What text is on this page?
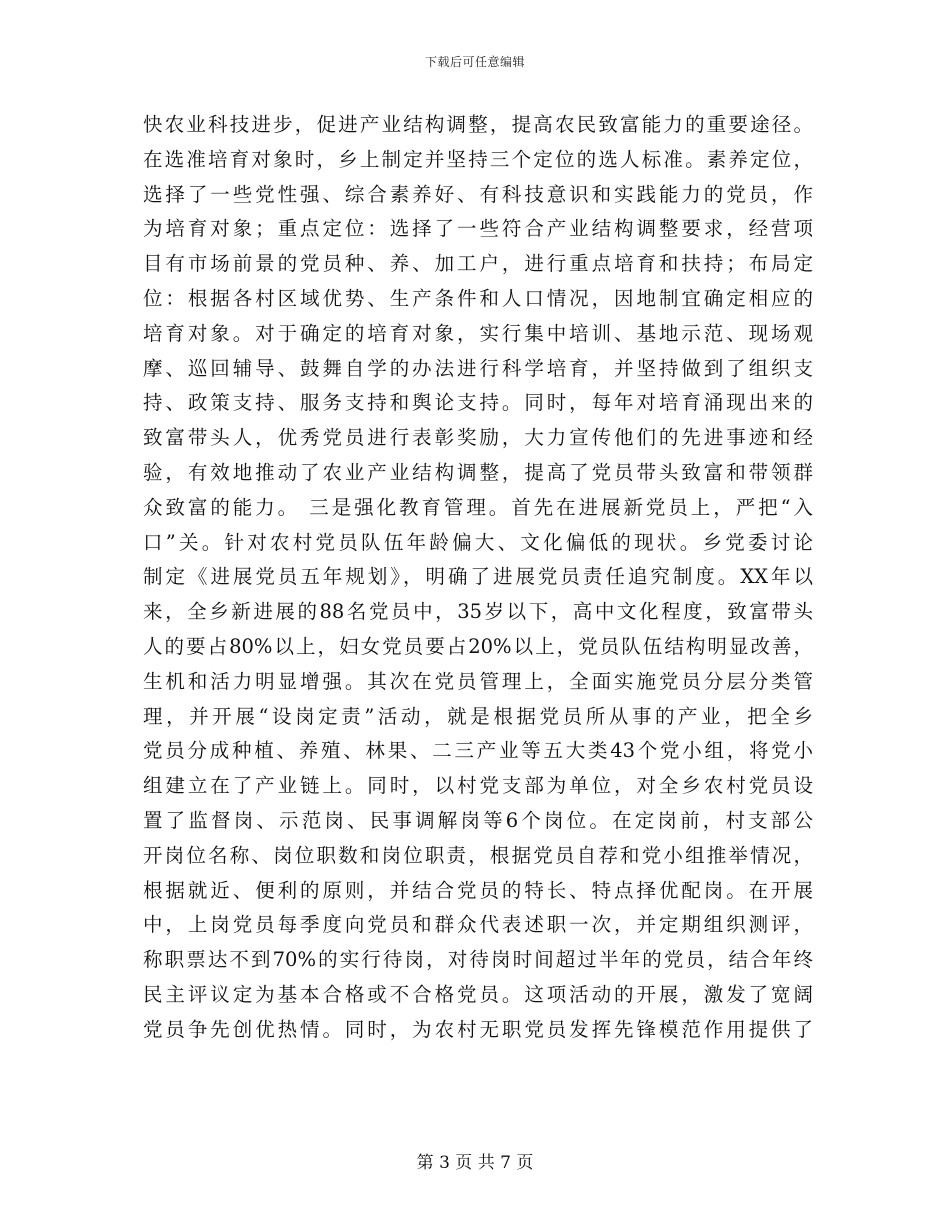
下载后可任意编辑
快农业科技进步，促进产业结构调整，提高农民致富能力的重要途径。
在选准培育对象时，乡上制定并坚持三个定位的选人标准。素养定位，
选择了一些党性强、综合素养好、有科技意识和实践能力的党员，作
为培育对象；重点定位：选择了一些符合产业结构调整要求，经营项
目有市场前景的党员种、养、加工户，进行重点培育和扶持；布局定
位：根据各村区域优势、生产条件和人口情况，因地制宜确定相应的
培育对象。对于确定的培育对象，实行集中培训、基地示范、现场观
摩、巡回辅导、鼓舞自学的办法进行科学培育，并坚持做到了组织支
持、政策支持、服务支持和舆论支持。同时，每年对培育涌现出来的
致富带头人，优秀党员进行表彰奖励，大力宣传他们的先进事迹和经
验，有效地推动了农业产业结构调整，提高了党员带头致富和带领群
众致富的能力。 三是强化教育管理。首先在进展新党员上，严把“入
口”关。针对农村党员队伍年龄偏大、文化偏低的现状。乡党委讨论
制定《进展党员五年规划》，明确了进展党员责任追究制度。XX年以
来，全乡新进展的88名党员中，35岁以下，高中文化程度，致富带头
人的要占80%以上，妇女党员要占20%以上，党员队伍结构明显改善，
生机和活力明显增强。其次在党员管理上，全面实施党员分层分类管
理，并开展“设岗定责”活动，就是根据党员所从事的产业，把全乡
党员分成种植、养殖、林果、二三产业等五大类43个党小组，将党小
组建立在了产业链上。同时，以村党支部为单位，对全乡农村党员设
置了监督岗、示范岗、民事调解岗等6个岗位。在定岗前，村支部公
开岗位名称、岗位职数和岗位职责，根据党员自荐和党小组推举情况，
根据就近、便利的原则，并结合党员的特长、特点择优配岗。在开展
中，上岗党员每季度向党员和群众代表述职一次，并定期组织测评，
称职票达不到70%的实行待岗，对待岗时间超过半年的党员，结合年终
民主评议定为基本合格或不合格党员。这项活动的开展，激发了宽阔
党员争先创优热情。同时，为农村无职党员发挥先锋模范作用提供了
第 3 页 共 7 页
